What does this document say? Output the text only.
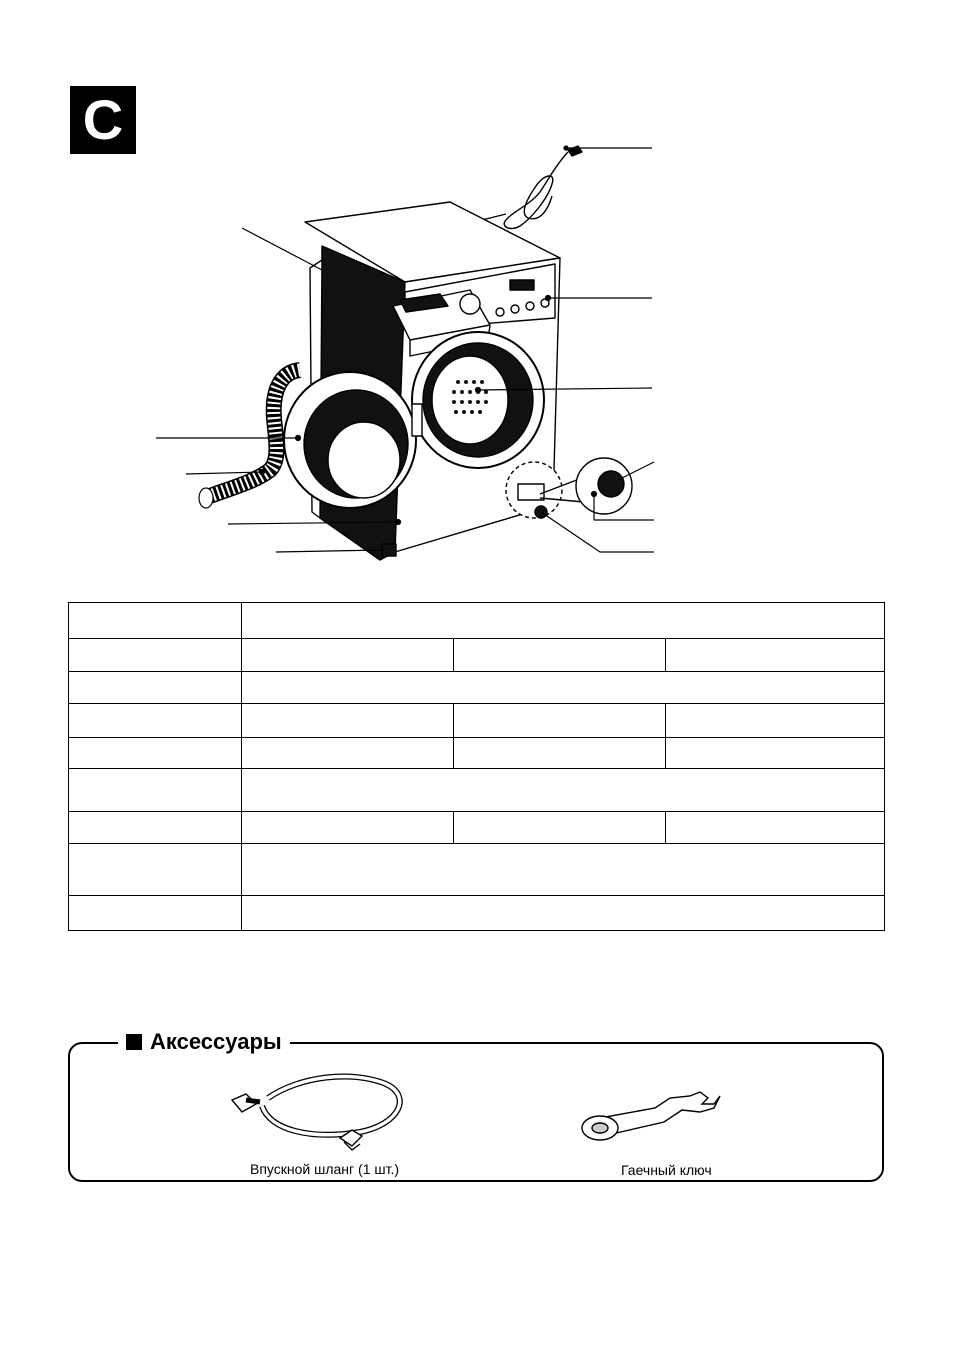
C

Аксессуары
Впускной шланг (1 шт.)	Гаечный ключ
